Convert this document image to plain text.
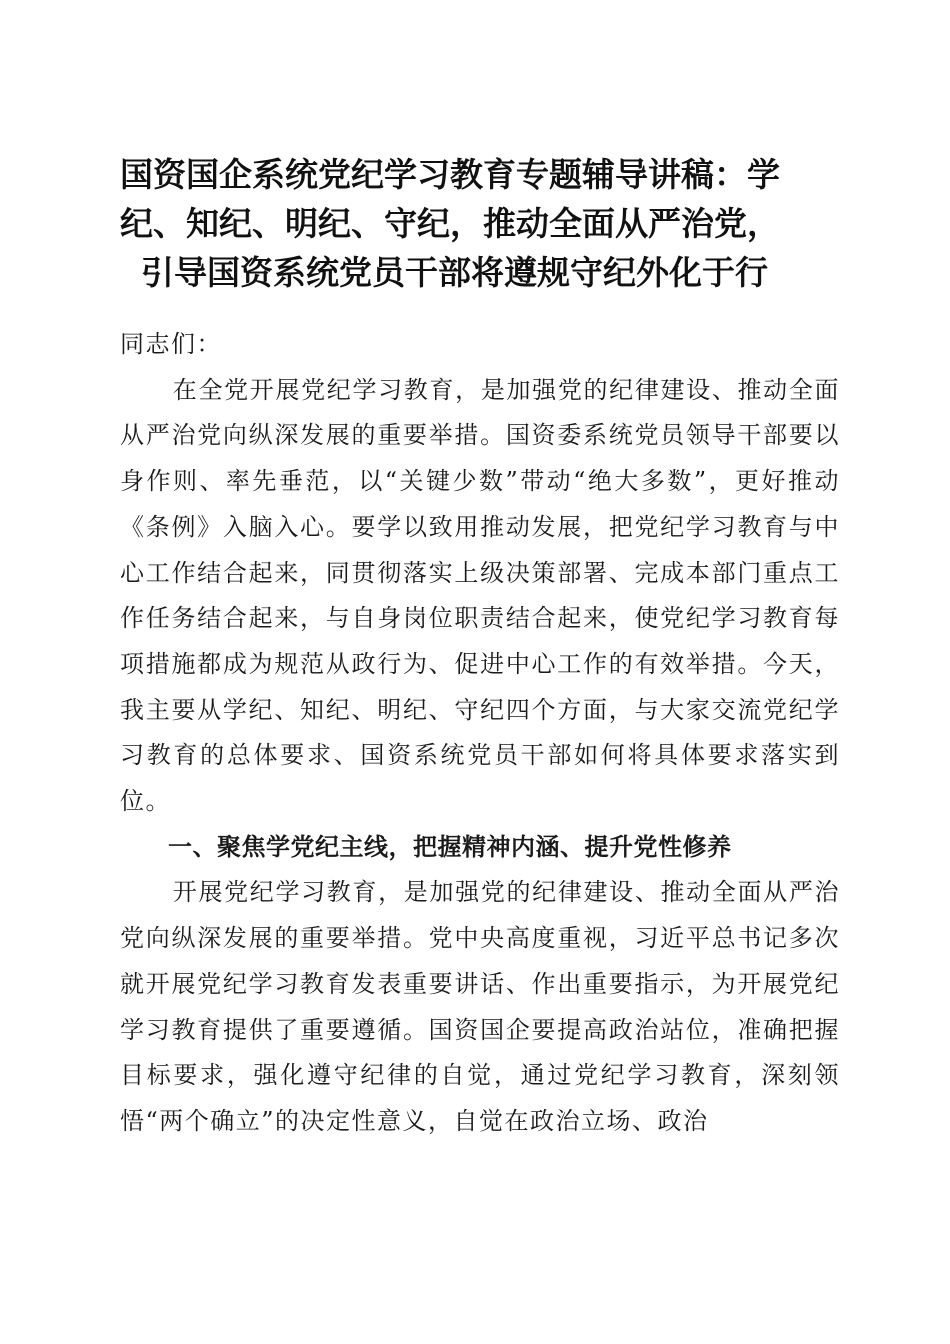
国资国企系统党纪学习教育专题辅导讲稿：学
纪、知纪、明纪、守纪，推动全面从严治党，
引导国资系统党员干部将遵规守纪外化于行

同志们：

在全党开展党纪学习教育，是加强党的纪律建设、推动全面从严治党向纵深发展的重要举措。国资委系统党员领导干部要以身作则、率先垂范，以“关键少数”带动“绝大多数”，更好推动《条例》入脑入心。要学以致用推动发展，把党纪学习教育与中心工作结合起来，同贯彻落实上级决策部署、完成本部门重点工作任务结合起来，与自身岗位职责结合起来，使党纪学习教育每项措施都成为规范从政行为、促进中心工作的有效举措。今天，我主要从学纪、知纪、明纪、守纪四个方面，与大家交流党纪学习教育的总体要求、国资系统党员干部如何将具体要求落实到位。

一、聚焦学党纪主线，把握精神内涵、提升党性修养

开展党纪学习教育，是加强党的纪律建设、推动全面从严治党向纵深发展的重要举措。党中央高度重视，习近平总书记多次就开展党纪学习教育发表重要讲话、作出重要指示，为开展党纪学习教育提供了重要遵循。国资国企要提高政治站位，准确把握目标要求，强化遵守纪律的自觉，通过党纪学习教育，深刻领悟“两个确立”的决定性意义，自觉在政治立场、政治
